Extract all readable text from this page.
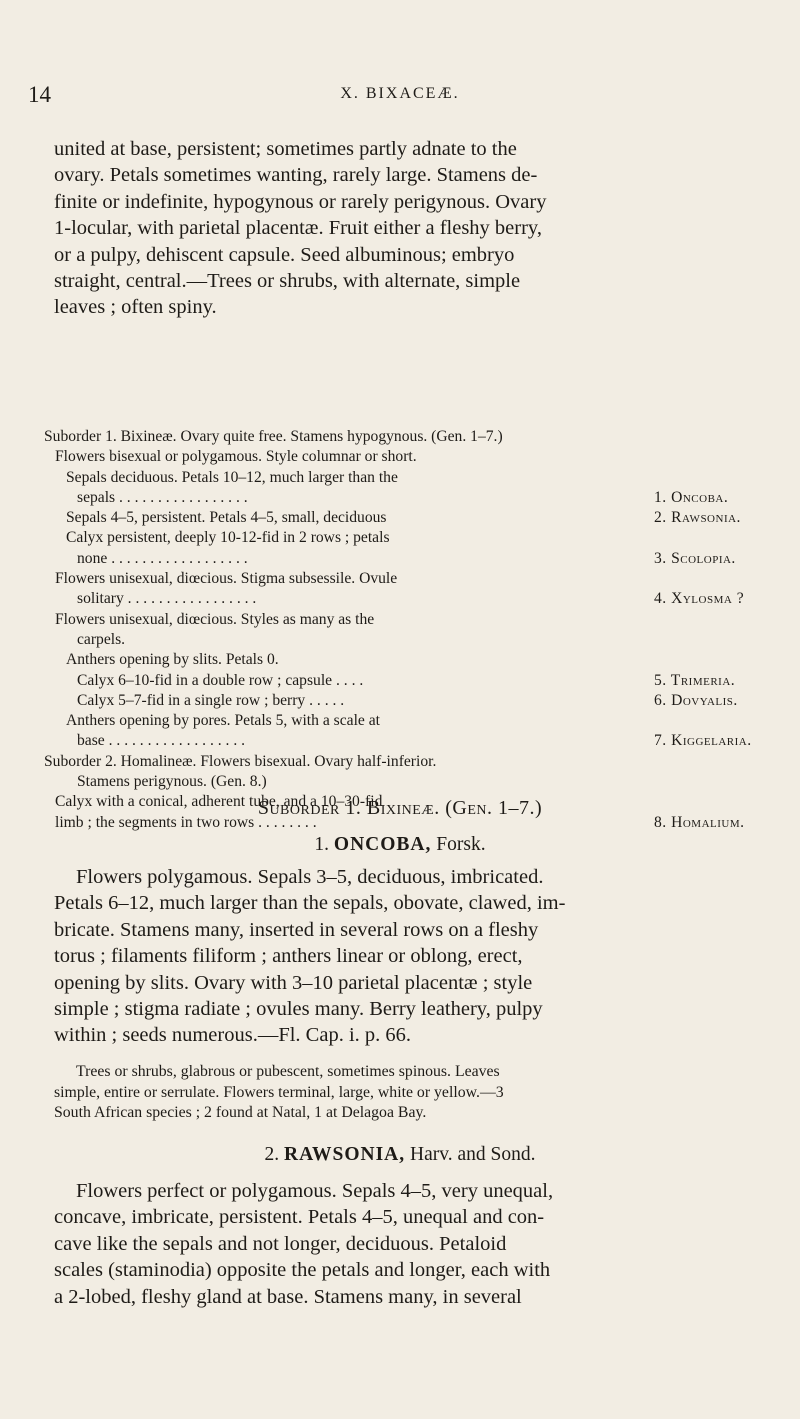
14	X. BIXACEÆ.
united at base, persistent; sometimes partly adnate to the
ovary. Petals sometimes wanting, rarely large. Stamens de-
finite or indefinite, hypogynous or rarely perigynous. Ovary
1-locular, with parietal placentæ. Fruit either a fleshy berry,
or a pulpy, dehiscent capsule. Seed albuminous; embryo
straight, central.—Trees or shrubs, with alternate, simple
leaves ; often spiny.
Suborder 1. Bixineæ. Ovary quite free. Stamens hypogynous. (Gen. 1–7.)
Flowers bisexual or polygamous. Style columnar or short.
Sepals deciduous. Petals 10–12, much larger than the
sepals . . . . . . . . . . . . . . . . .	1. Oncoba.
Sepals 4–5, persistent. Petals 4–5, small, deciduous	2. Rawsonia.
Calyx persistent, deeply 10-12-fid in 2 rows ; petals
none . . . . . . . . . . . . . . . . . .	3. Scolopia.
Flowers unisexual, diœcious. Stigma subsessile. Ovule
solitary . . . . . . . . . . . . . . . . .	4. Xylosma ?
Flowers unisexual, diœcious. Styles as many as the
carpels.
Anthers opening by slits. Petals 0.
Calyx 6–10-fid in a double row ; capsule . . . .	5. Trimeria.
Calyx 5–7-fid in a single row ; berry . . . . .	6. Dovyalis.
Anthers opening by pores. Petals 5, with a scale at
base . . . . . . . . . . . . . . . . . .	7. Kiggelaria.
Suborder 2. Homalineæ. Flowers bisexual. Ovary half-inferior.
Stamens perigynous. (Gen. 8.)
Calyx with a conical, adherent tube, and a 10–30-fid
limb ; the segments in two rows . . . . . . . .	8. Homalium.
Suborder 1. Bixineæ. (Gen. 1–7.)
1. ONCOBA, Forsk.
Flowers polygamous. Sepals 3–5, deciduous, imbricated.
Petals 6–12, much larger than the sepals, obovate, clawed, im-
bricate. Stamens many, inserted in several rows on a fleshy
torus ; filaments filiform ; anthers linear or oblong, erect,
opening by slits. Ovary with 3–10 parietal placentæ ; style
simple ; stigma radiate ; ovules many. Berry leathery, pulpy
within ; seeds numerous.—Fl. Cap. i. p. 66.
Trees or shrubs, glabrous or pubescent, sometimes spinous. Leaves
simple, entire or serrulate. Flowers terminal, large, white or yellow.—3
South African species ; 2 found at Natal, 1 at Delagoa Bay.
2. RAWSONIA, Harv. and Sond.
Flowers perfect or polygamous. Sepals 4–5, very unequal,
concave, imbricate, persistent. Petals 4–5, unequal and con-
cave like the sepals and not longer, deciduous. Petaloid
scales (staminodia) opposite the petals and longer, each with
a 2-lobed, fleshy gland at base. Stamens many, in several
